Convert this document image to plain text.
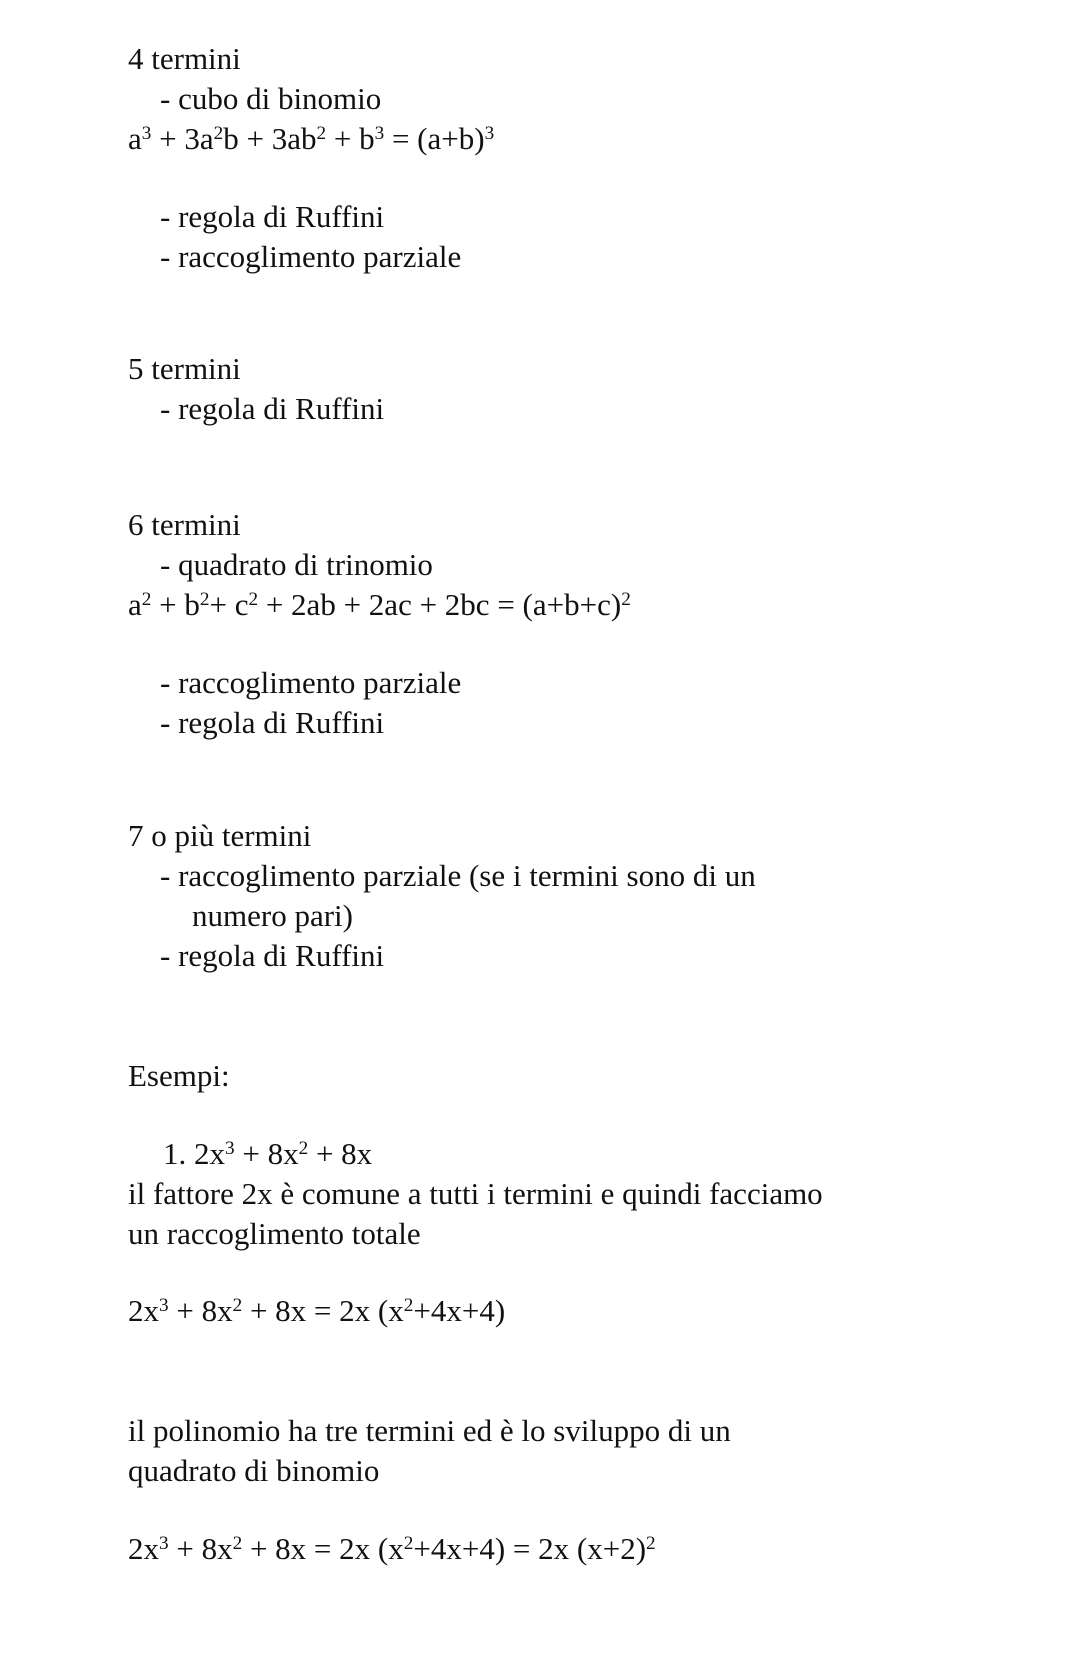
4 termini
- cubo di binomio
$a^3 + 3a^2b + 3ab^2 + b^3 = (a+b)^3$
- regola di Ruffini
- raccoglimento parziale
5 termini
- regola di Ruffini
6 termini
- quadrato di trinomio
$a^2 + b^2+ c^2 + 2ab + 2ac + 2bc = (a+b+c)^2$
- raccoglimento parziale
- regola di Ruffini
7 o più termini
- raccoglimento parziale (se i termini sono di un
numero pari)
- regola di Ruffini
Esempi:
1. $2x^3 + 8x^2 + 8x$
il fattore 2x è comune a tutti i termini e quindi facciamo
un raccoglimento totale
$2x^3 + 8x^2 + 8x = 2x$ $(x^2+4x+4)$
il polinomio ha tre termini ed è lo sviluppo di un
quadrato di binomio
$2x^3 + 8x^2 + 8x = 2x$ $(x^2+4x+4) = 2x$ $(x+2)^2$
